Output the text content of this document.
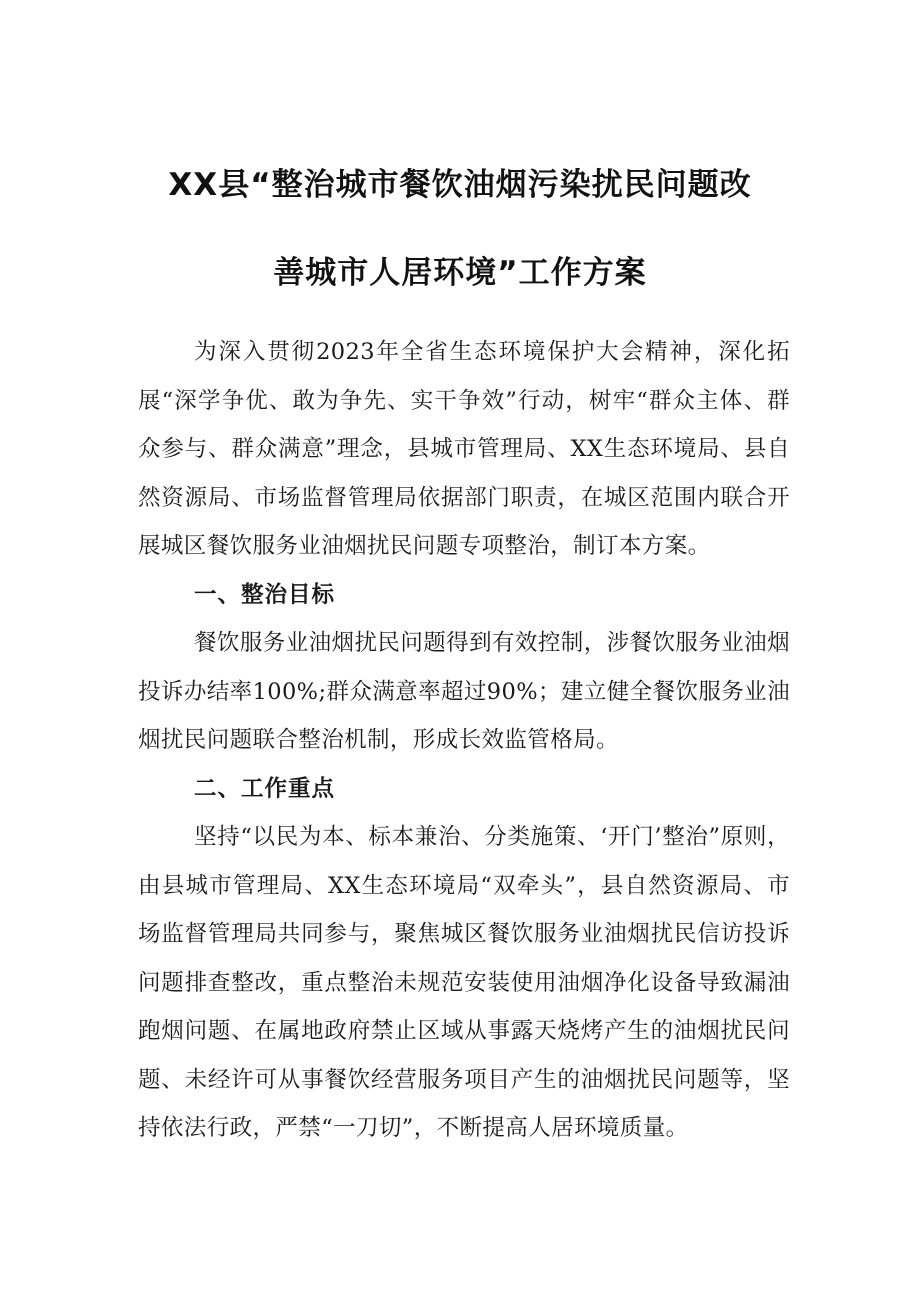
XX县“整治城市餐饮油烟污染扰民问题改
善城市人居环境”工作方案

为深入贯彻2023年全省生态环境保护大会精神，深化拓展“深学争优、敢为争先、实干争效”行动，树牢“群众主体、群众参与、群众满意”理念，县城市管理局、XX生态环境局、县自然资源局、市场监督管理局依据部门职责，在城区范围内联合开展城区餐饮服务业油烟扰民问题专项整治，制订本方案。

一、整治目标

餐饮服务业油烟扰民问题得到有效控制，涉餐饮服务业油烟投诉办结率100%;群众满意率超过90%；建立健全餐饮服务业油烟扰民问题联合整治机制，形成长效监管格局。

二、工作重点

坚持“以民为本、标本兼治、分类施策、‘开门’整治”原则，由县城市管理局、XX生态环境局“双牵头”，县自然资源局、市场监督管理局共同参与，聚焦城区餐饮服务业油烟扰民信访投诉问题排查整改，重点整治未规范安装使用油烟净化设备导致漏油跑烟问题、在属地政府禁止区域从事露天烧烤产生的油烟扰民问题、未经许可从事餐饮经营服务项目产生的油烟扰民问题等，坚持依法行政，严禁“一刀切”，不断提高人居环境质量。
